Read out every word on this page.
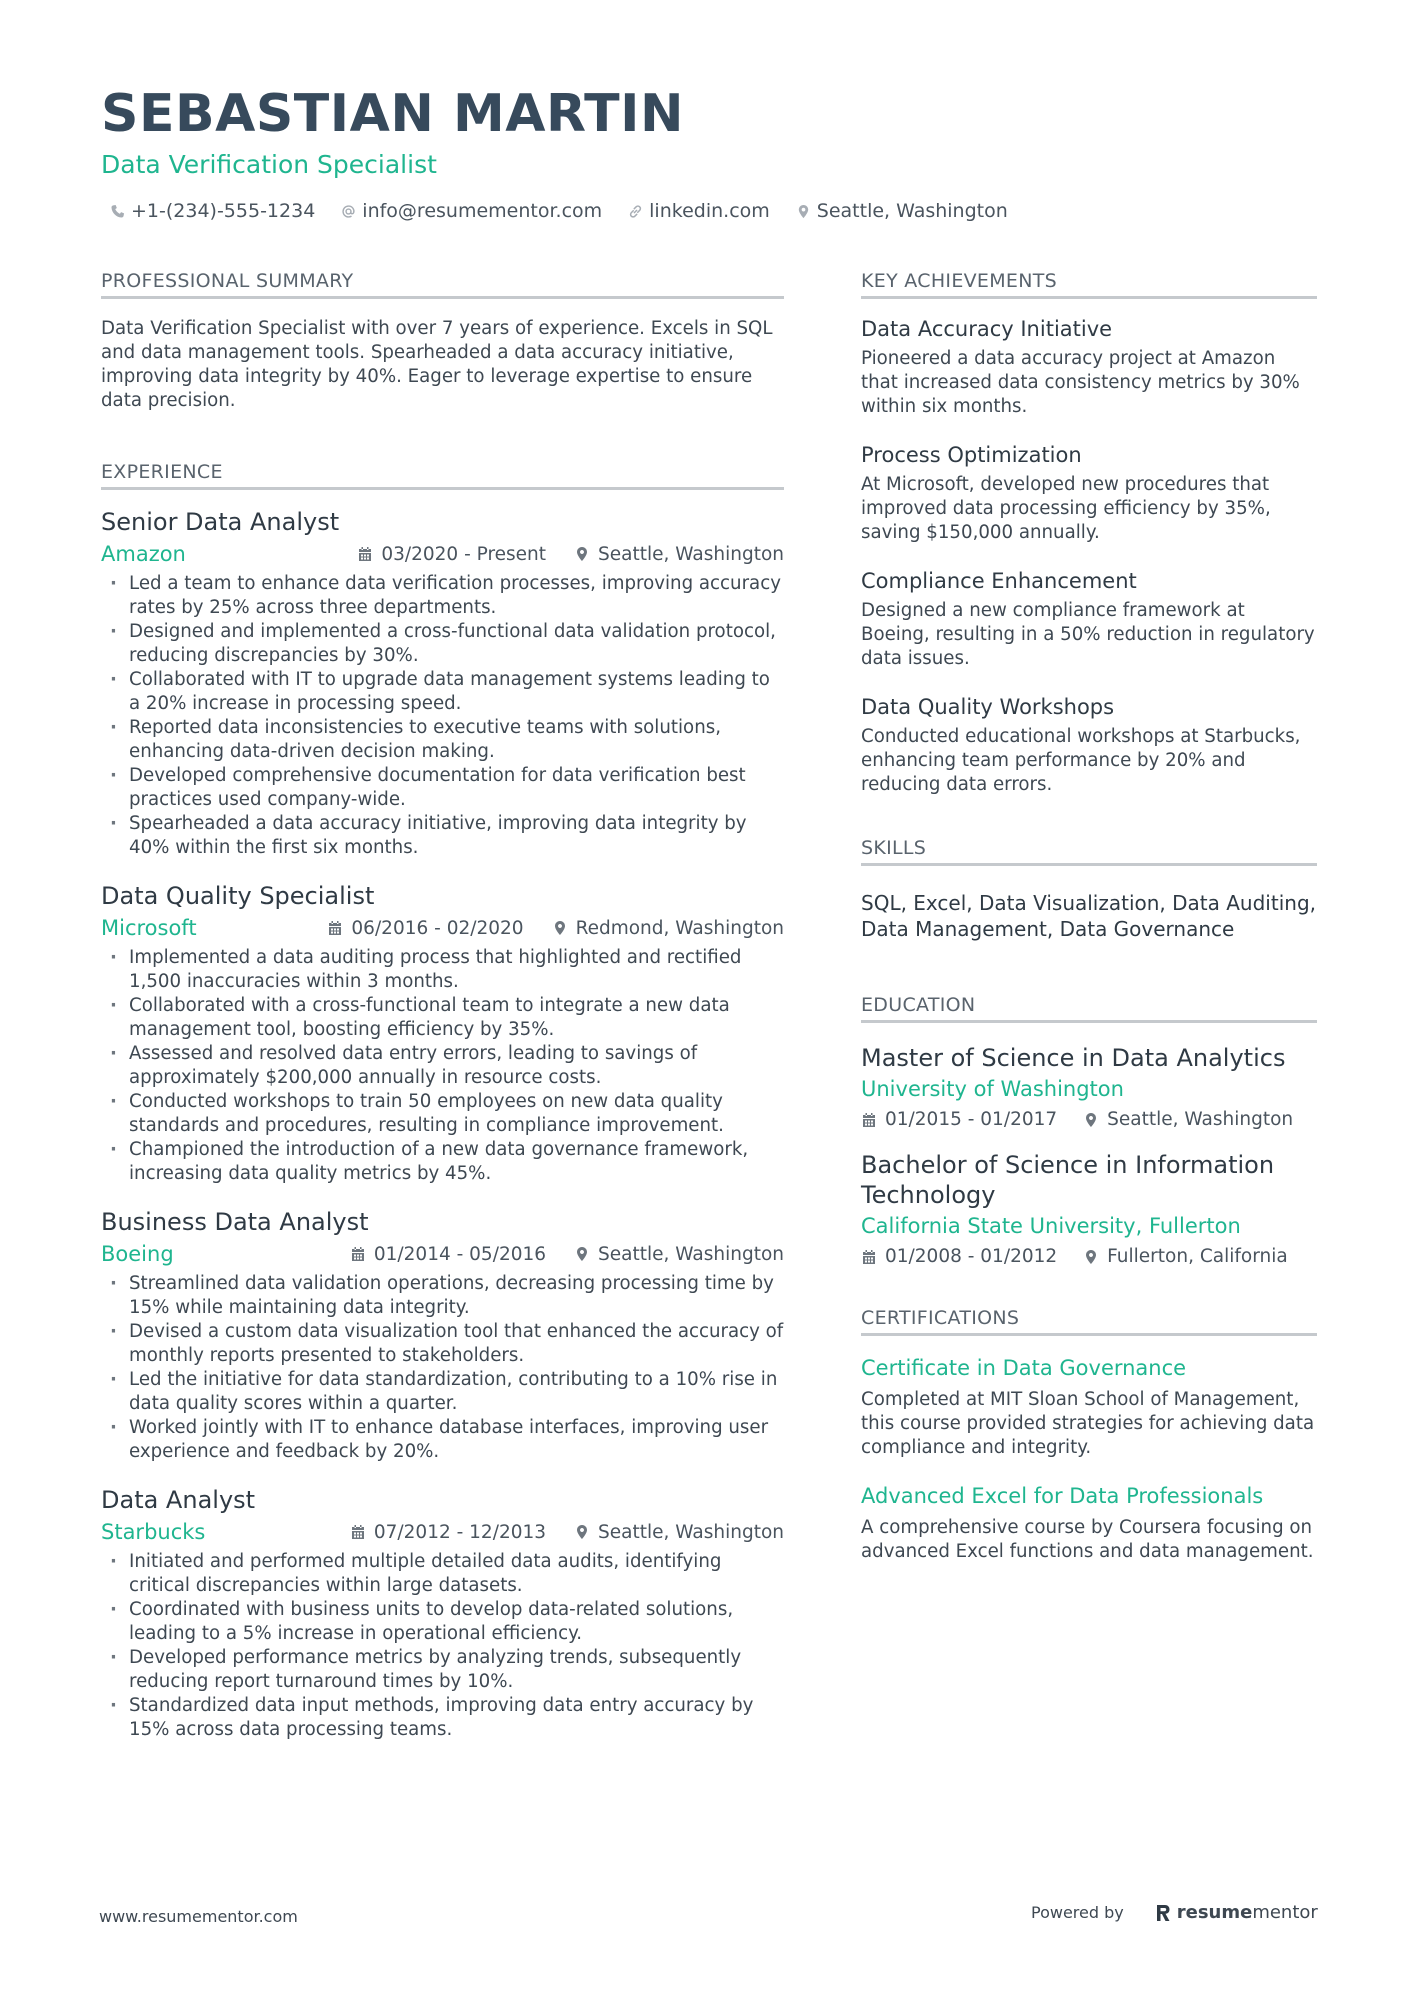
SEBASTIAN MARTIN
Data Verification Specialist
+1-(234)-555-1234 info@resumementor.com linkedin.com Seattle, Washington
PROFESSIONAL SUMMARY

Data Verification Specialist with over 7 years of experience. Excels in SQL and data management tools. Spearheaded a data accuracy initiative, improving data integrity by 40%. Eager to leverage expertise to ensure data precision.

EXPERIENCE
Senior Data Analyst
Amazon	03/2020 - Present	Seattle, Washington
· Led a team to enhance data verification processes, improving accuracy rates by 25% across three departments.
· Designed and implemented a cross-functional data validation protocol, reducing discrepancies by 30%.
· Collaborated with IT to upgrade data management systems leading to a 20% increase in processing speed.
· Reported data inconsistencies to executive teams with solutions, enhancing data-driven decision making.
· Developed comprehensive documentation for data verification best practices used company-wide.
· Spearheaded a data accuracy initiative, improving data integrity by 40% within the first six months.
Data Quality Specialist
Microsoft	06/2016 - 02/2020	Redmond, Washington
· Implemented a data auditing process that highlighted and rectified 1,500 inaccuracies within 3 months.
· Collaborated with a cross-functional team to integrate a new data management tool, boosting efficiency by 35%.
· Assessed and resolved data entry errors, leading to savings of approximately $200,000 annually in resource costs.
· Conducted workshops to train 50 employees on new data quality standards and procedures, resulting in compliance improvement.
· Championed the introduction of a new data governance framework, increasing data quality metrics by 45%.
Business Data Analyst
Boeing	01/2014 - 05/2016	Seattle, Washington
· Streamlined data validation operations, decreasing processing time by 15% while maintaining data integrity.
· Devised a custom data visualization tool that enhanced the accuracy of monthly reports presented to stakeholders.
· Led the initiative for data standardization, contributing to a 10% rise in data quality scores within a quarter.
· Worked jointly with IT to enhance database interfaces, improving user experience and feedback by 20%.
Data Analyst
Starbucks	07/2012 - 12/2013	Seattle, Washington
· Initiated and performed multiple detailed data audits, identifying critical discrepancies within large datasets.
· Coordinated with business units to develop data-related solutions, leading to a 5% increase in operational efficiency.
· Developed performance metrics by analyzing trends, subsequently reducing report turnaround times by 10%.
· Standardized data input methods, improving data entry accuracy by 15% across data processing teams.
KEY ACHIEVEMENTS
Data Accuracy Initiative

Pioneered a data accuracy project at Amazon that increased data consistency metrics by 30% within six months.

Process Optimization

At Microsoft, developed new procedures that improved data processing efficiency by 35%, saving $150,000 annually.

Compliance Enhancement

Designed a new compliance framework at Boeing, resulting in a 50% reduction in regulatory data issues.

Data Quality Workshops

Conducted educational workshops at Starbucks, enhancing team performance by 20% and reducing data errors.

SKILLS

SQL, Excel, Data Visualization, Data Auditing, Data Management, Data Governance

EDUCATION
Master of Science in Data Analytics
University of Washington
01/2015 - 01/2017	Seattle, Washington
Bachelor of Science in Information Technology
California State University, Fullerton
01/2008 - 01/2012	Fullerton, California
CERTIFICATIONS
Certificate in Data Governance

Completed at MIT Sloan School of Management, this course provided strategies for achieving data compliance and integrity.

Advanced Excel for Data Professionals

A comprehensive course by Coursera focusing on advanced Excel functions and data management.

www.resumementor.com	Powered by	resume mentor
